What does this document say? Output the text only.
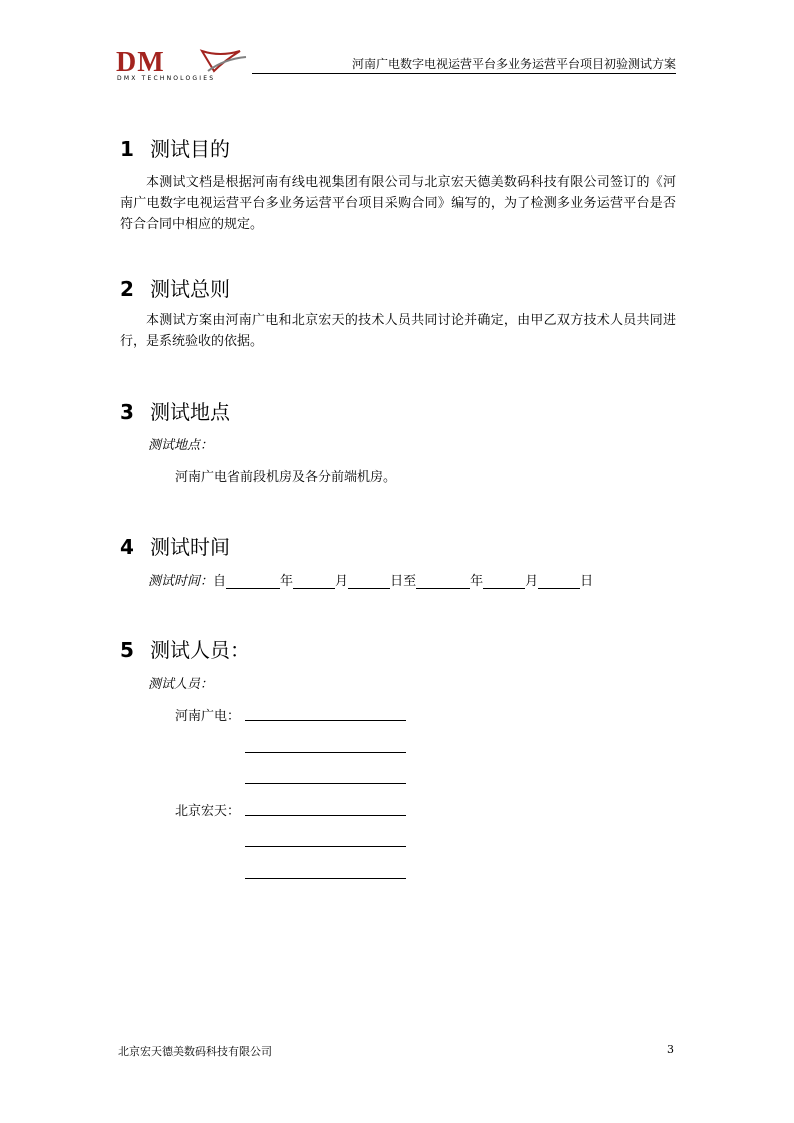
DM
DMX TECHNOLOGIES
河南广电数字电视运营平台多业务运营平台项目初验测试方案
1 测试目的
本测试文档是根据河南有线电视集团有限公司与北京宏天德美数码科技有限公司签订的《河南广电数字电视运营平台多业务运营平台项目采购合同》编写的，为了检测多业务运营平台是否符合合同中相应的规定。
2 测试总则
本测试方案由河南广电和北京宏天的技术人员共同讨论并确定，由甲乙双方技术人员共同进行，是系统验收的依据。
3 测试地点
测试地点：
河南广电省前段机房及各分前端机房。
4 测试时间
测试时间： 自	年	月	日至	年	月	日
5 测试人员：
测试人员：
河南广电：
北京宏天：
北京宏天德美数码科技有限公司	3
